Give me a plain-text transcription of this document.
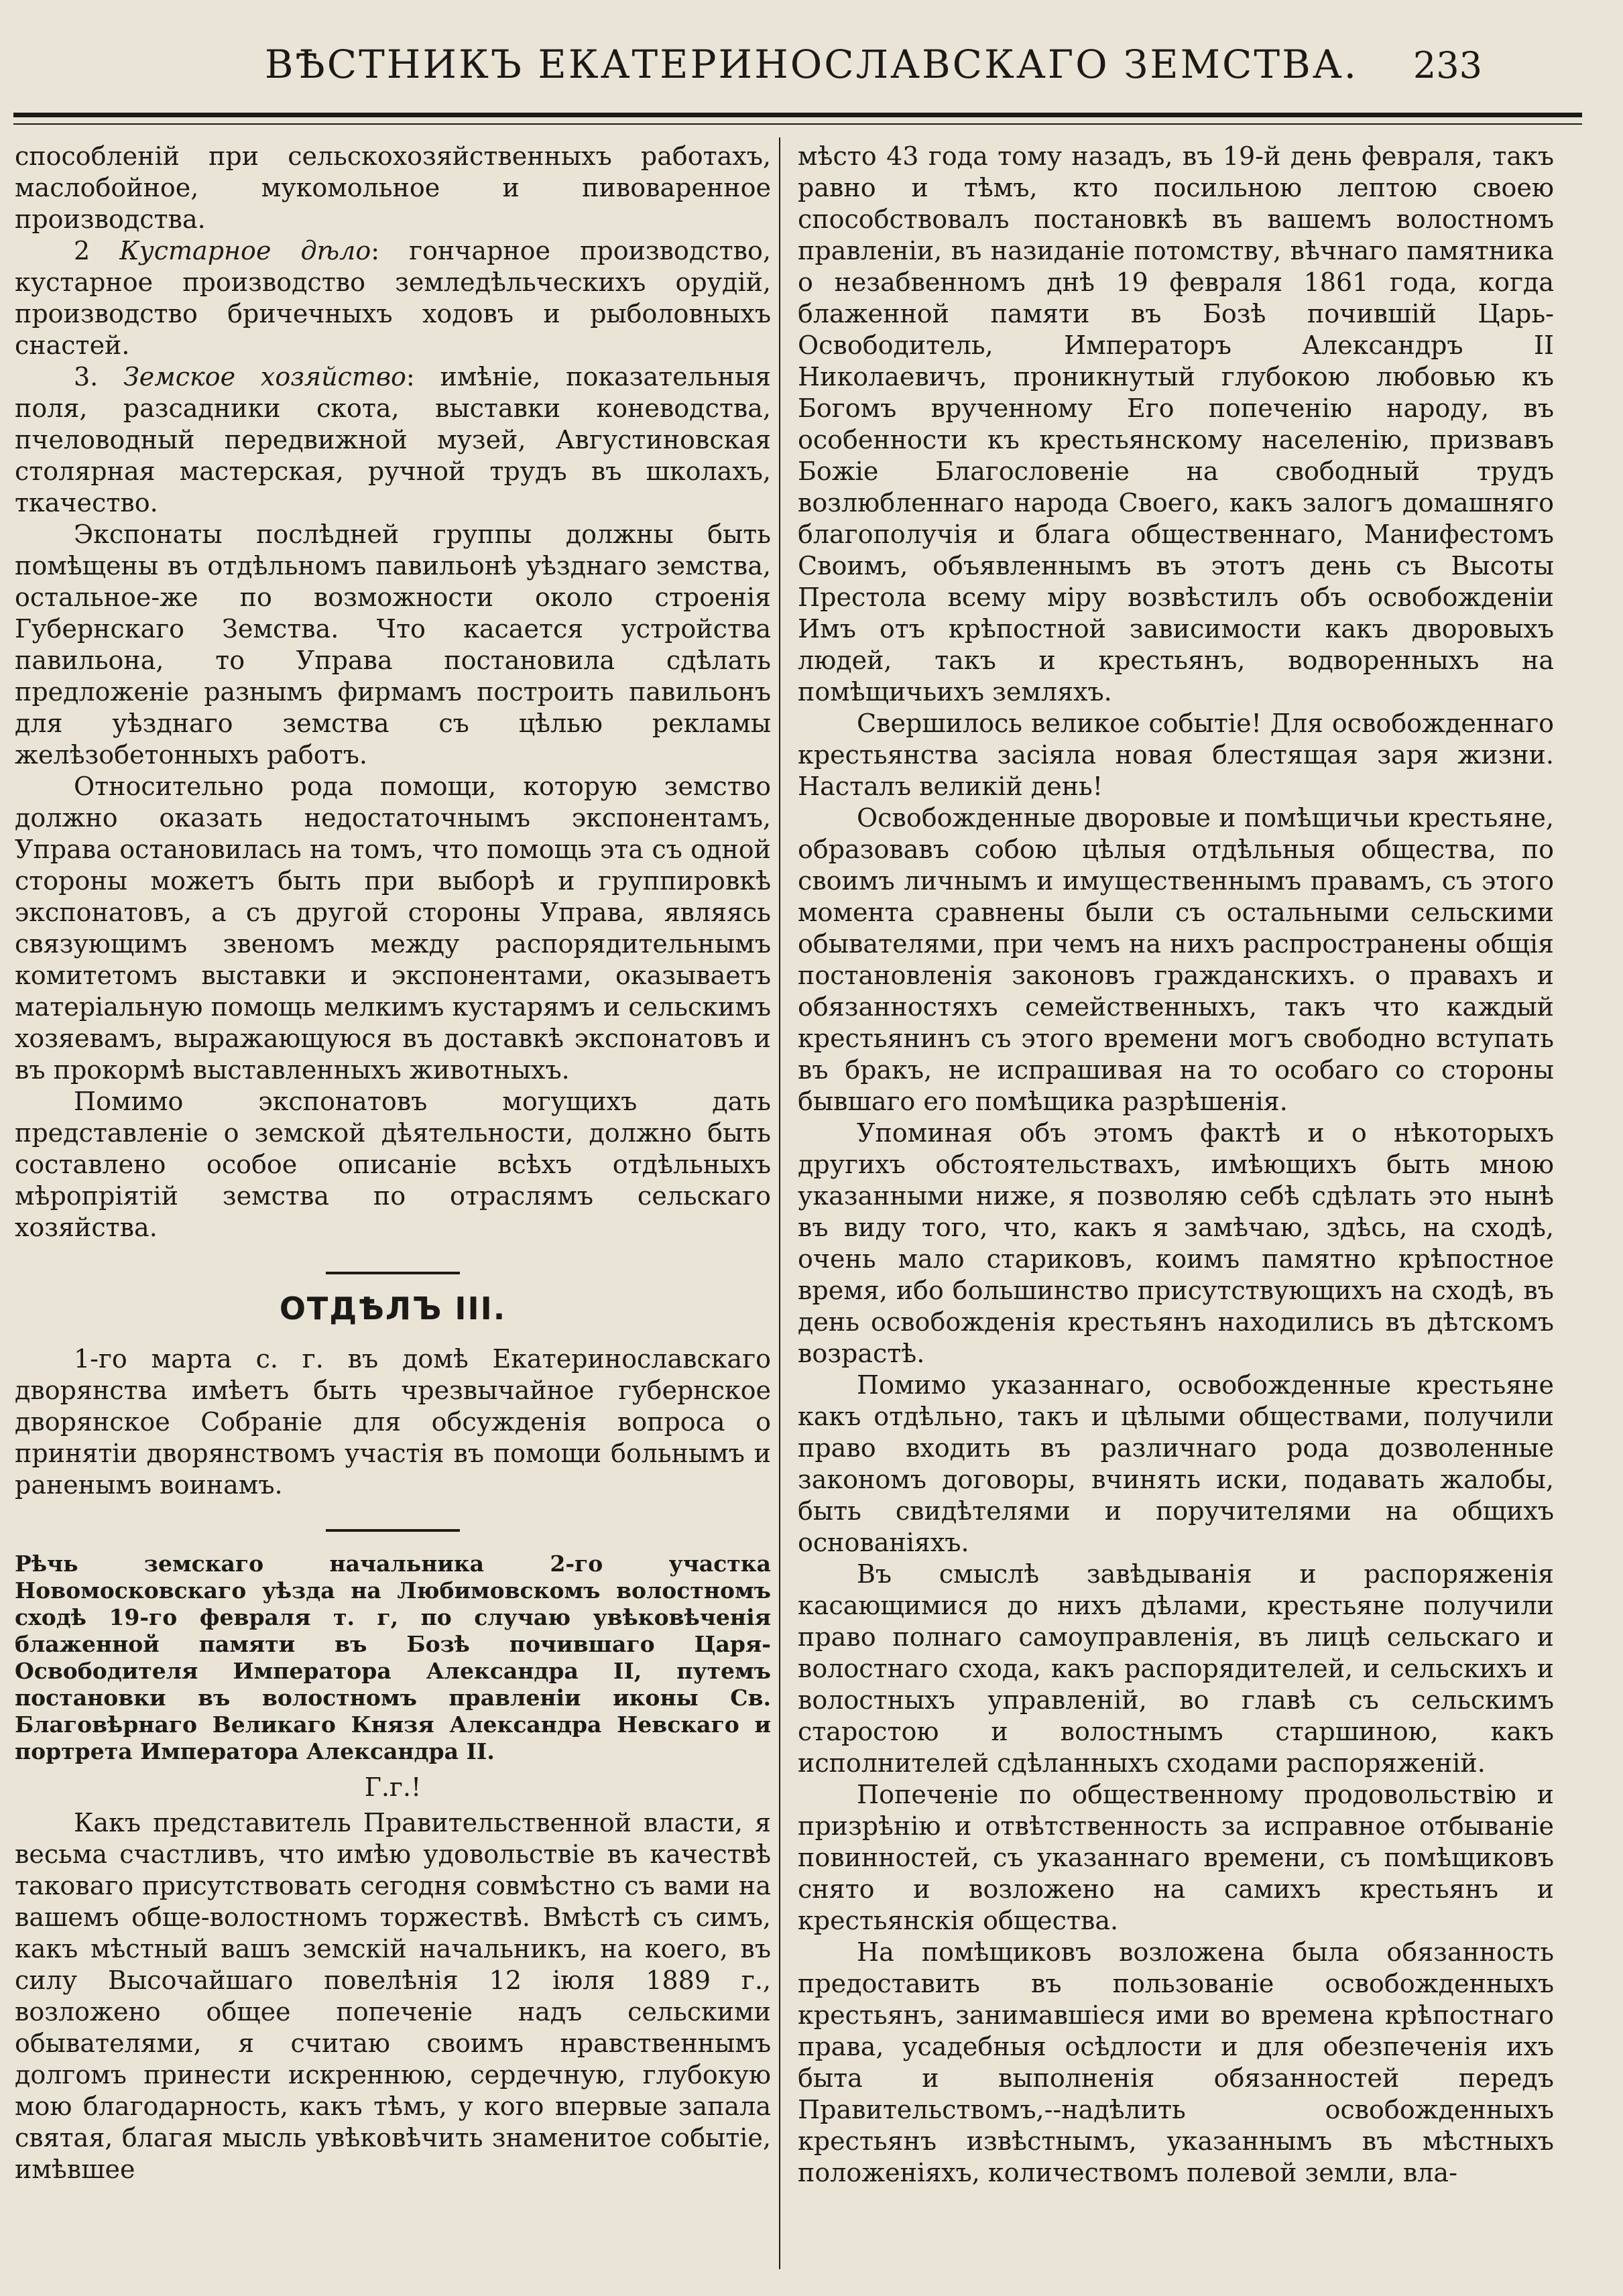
ВѢСТНИКЪ ЕКАТЕРИНОСЛАВСКАГО ЗЕМСТВА.	233

способленій при сельскохозяйственныхъ работахъ, маслобойное, мукомольное и пивоваренное производства.

2 Кустарное дѣло: гончарное производство, кустарное производство земледѣльческихъ орудій, производство бричечныхъ ходовъ и рыболовныхъ снастей.

3. Земское хозяйство: имѣніе, показательныя поля, разсадники скота, выставки коневодства, пчеловодный передвижной музей, Августиновская столярная мастерская, ручной трудъ въ школахъ, ткачество.

Экспонаты послѣдней группы должны быть помѣщены въ отдѣльномъ павильонѣ уѣзднаго земства, остальное-же по возможности около строенія Губернскаго Земства. Что касается устройства павильона, то Управа постановила сдѣлать предложеніе разнымъ фирмамъ построить павильонъ для уѣзднаго земства съ цѣлью рекламы желѣзобетонныхъ работъ.

Относительно рода помощи, которую земство должно оказать недостаточнымъ экспонентамъ, Управа остановилась на томъ, что помощь эта съ одной стороны можетъ быть при выборѣ и группировкѣ экспонатовъ, а съ другой стороны Управа, являясь связующимъ звеномъ между распорядительнымъ комитетомъ выставки и экспонентами, оказываетъ матеріальную помощь мелкимъ кустарямъ и сельскимъ хозяевамъ, выражающуюся въ доставкѣ экспонатовъ и въ прокормѣ выставленныхъ животныхъ.

Помимо экспонатовъ могущихъ дать представленіе о земской дѣятельности, должно быть составлено особое описаніе всѣхъ отдѣльныхъ мѣропріятій земства по отраслямъ сельскаго хозяйства.

ОТДѢЛЪ III.

1-го марта с. г. въ домѣ Екатеринославскаго дворянства имѣетъ быть чрезвычайное губернское дворянское Собраніе для обсужденія вопроса о принятіи дворянствомъ участія въ помощи больнымъ и раненымъ воинамъ.

Рѣчь земскаго начальника 2-го участка Новомосковскаго уѣзда на Любимовскомъ волостномъ сходѣ 19-го февраля т. г, по случаю увѣковѣченія блаженной памяти въ Бозѣ почившаго Царя-Освободителя Императора Александра II, путемъ постановки въ волостномъ правленіи иконы Св. Благовѣрнаго Великаго Князя Александра Невскаго и портрета Императора Александра II.
Г.г.!

Какъ представитель Правительственной власти, я весьма счастливъ, что имѣю удовольствіе въ качествѣ таковаго присутствовать сегодня совмѣстно съ вами на вашемъ обще-волостномъ торжествѣ. Вмѣстѣ съ симъ, какъ мѣстный вашъ земскій начальникъ, на коего, въ силу Высочайшаго повелѣнія 12 іюля 1889 г., возложено общее попеченіе надъ сельскими обывателями, я считаю своимъ нравственнымъ долгомъ принести искреннюю, сердечную, глубокую мою благодарность, какъ тѣмъ, у кого впервые запала святая, благая мысль увѣковѣчить знаменитое событіе, имѣвшее

мѣсто 43 года тому назадъ, въ 19-й день февраля, такъ равно и тѣмъ, кто посильною лептою своею способствовалъ постановкѣ въ вашемъ волостномъ правленіи, въ назиданіе потомству, вѣчнаго памятника о незабвенномъ днѣ 19 февраля 1861 года, когда блаженной памяти въ Бозѣ почившій Царь-Освободитель, Императоръ Александръ II Николаевичъ, проникнутый глубокою любовью къ Богомъ врученному Его попеченію народу, въ особенности къ крестьянскому населенію, призвавъ Божіе Благословеніе на свободный трудъ возлюбленнаго народа Своего, какъ залогъ домашняго благополучія и блага общественнаго, Манифестомъ Своимъ, объявленнымъ въ этотъ день съ Высоты Престола всему міру возвѣстилъ объ освобожденіи Имъ отъ крѣпостной зависимости какъ дворовыхъ людей, такъ и крестьянъ, водворенныхъ на помѣщичьихъ земляхъ.

Свершилось великое событіе! Для освобожденнаго крестьянства засіяла новая блестящая заря жизни. Насталъ великій день!

Освобожденные дворовые и помѣщичьи крестьяне, образовавъ собою цѣлыя отдѣльныя общества, по своимъ личнымъ и имущественнымъ правамъ, съ этого момента сравнены были съ остальными сельскими обывателями, при чемъ на нихъ распространены общія постановленія законовъ гражданскихъ. о правахъ и обязанностяхъ семейственныхъ, такъ что каждый крестьянинъ съ этого времени могъ свободно вступать въ бракъ, не испрашивая на то особаго со стороны бывшаго его помѣщика разрѣшенія.

Упоминая объ этомъ фактѣ и о нѣкоторыхъ другихъ обстоятельствахъ, имѣющихъ быть мною указанными ниже, я позволяю себѣ сдѣлать это нынѣ въ виду того, что, какъ я замѣчаю, здѣсь, на сходѣ, очень мало стариковъ, коимъ памятно крѣпостное время, ибо большинство присутствующихъ на сходѣ, въ день освобожденія крестьянъ находились въ дѣтскомъ возрастѣ.

Помимо указаннаго, освобожденные крестьяне какъ отдѣльно, такъ и цѣлыми обществами, получили право входить въ различнаго рода дозволенные закономъ договоры, вчинять иски, подавать жалобы, быть свидѣтелями и поручителями на общихъ основаніяхъ.

Въ смыслѣ завѣдыванія и распоряженія касающимися до нихъ дѣлами, крестьяне получили право полнаго самоуправленія, въ лицѣ сельскаго и волостнаго схода, какъ распорядителей, и сельскихъ и волостныхъ управленій, во главѣ съ сельскимъ старостою и волостнымъ старшиною, какъ исполнителей сдѣланныхъ сходами распоряженій.

Попеченіе по общественному продовольствію и призрѣнію и отвѣтственность за исправное отбываніе повинностей, съ указаннаго времени, съ помѣщиковъ снято и возложено на самихъ крестьянъ и крестьянскія общества.

На помѣщиковъ возложена была обязанность предоставить въ пользованіе освобожденныхъ крестьянъ, занимавшіеся ими во времена крѣпостнаго права, усадебныя осѣдлости и для обезпеченія ихъ быта и выполненія обязанностей передъ Правительствомъ,--надѣлить освобожденныхъ крестьянъ извѣстнымъ, указаннымъ въ мѣстныхъ положеніяхъ, количествомъ полевой земли, вла-
